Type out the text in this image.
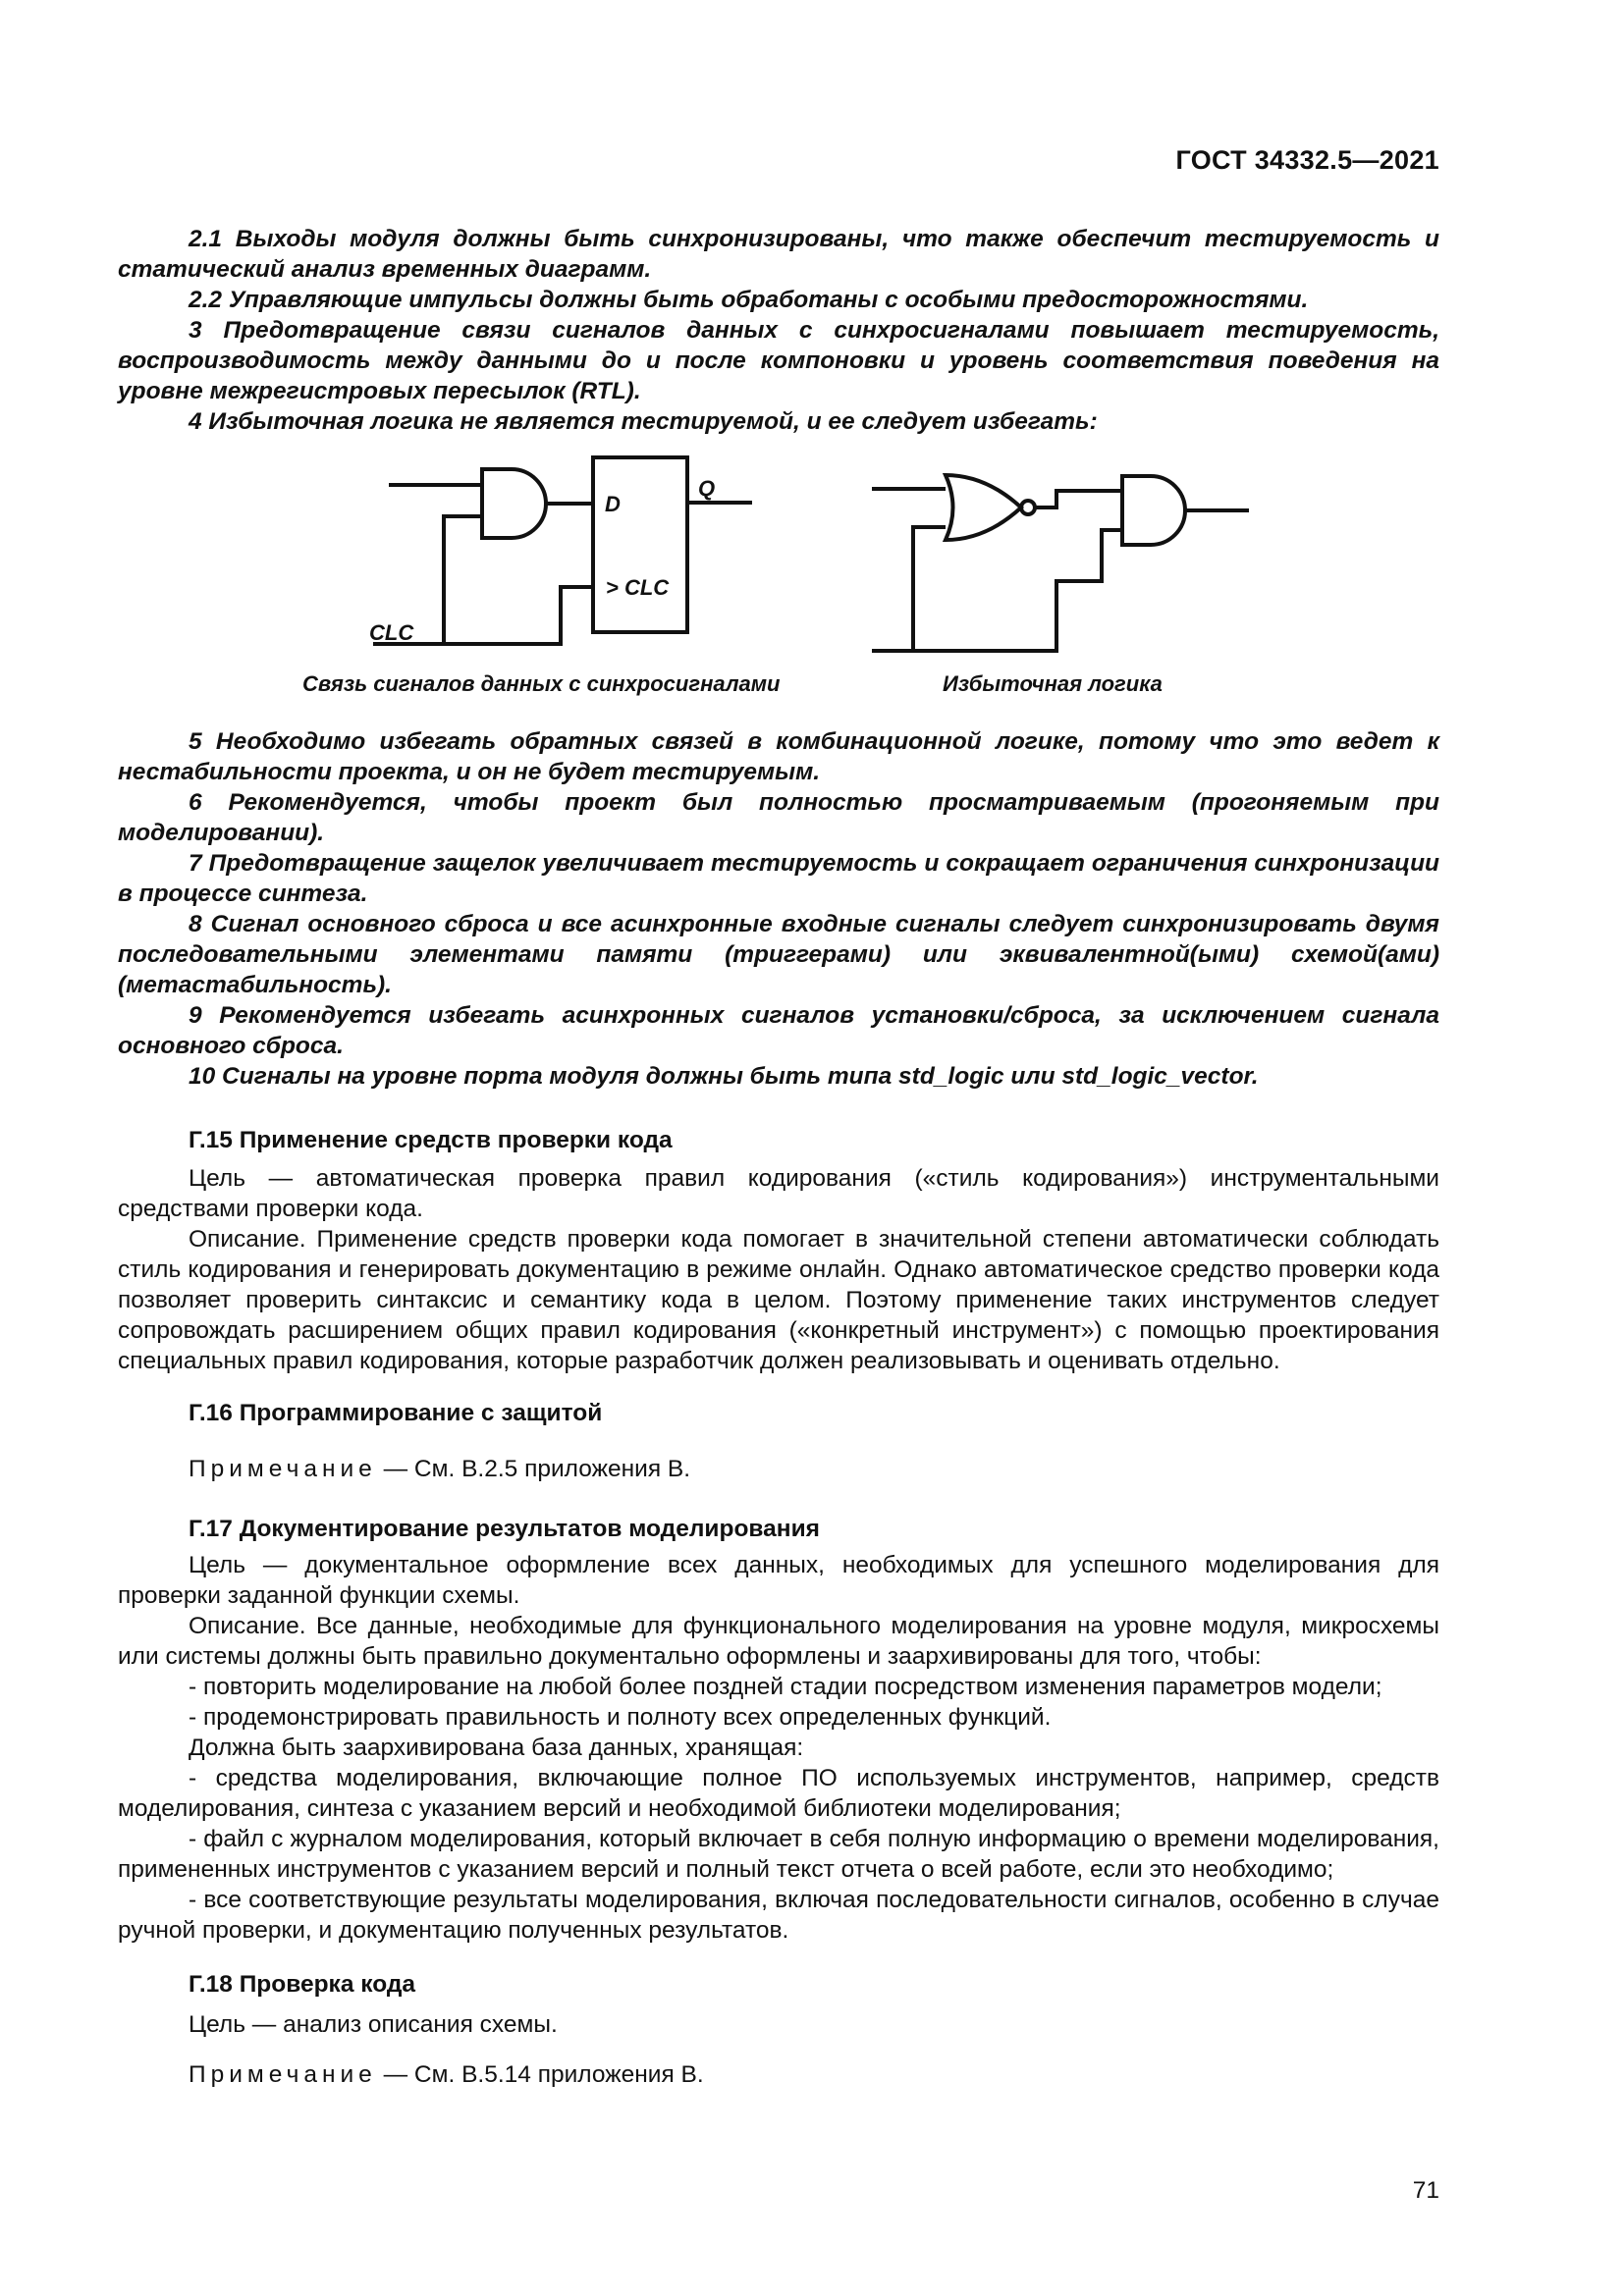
ГОСТ 34332.5—2021

2.1 Выходы модуля должны быть синхронизированы, что также обеспечит тестируемость и статический анализ временных диаграмм.

2.2 Управляющие импульсы должны быть обработаны с особыми предосторожностями.

3 Предотвращение связи сигналов данных с синхросигналами повышает тестируемость, воспроизводимость между данными до и после компоновки и уровень соответствия поведения на уровне межрегистровых пересылок (RTL).

4 Избыточная логика не является тестируемой, и ее следует избегать:

D
Q
> CLC
CLC
Связь сигналов данных с синхросигналами	Избыточная логика

5 Необходимо избегать обратных связей в комбинационной логике, потому что это ведет к нестабильности проекта, и он не будет тестируемым.

6 Рекомендуется, чтобы проект был полностью просматриваемым (прогоняемым при моделировании).

7 Предотвращение защелок увеличивает тестируемость и сокращает ограничения синхронизации в процессе синтеза.

8 Сигнал основного сброса и все асинхронные входные сигналы следует синхронизировать двумя последовательными элементами памяти (триггерами) или эквивалентной(ыми) схемой(ами) (метастабильность).

9 Рекомендуется избегать асинхронных сигналов установки/сброса, за исключением сигнала основного сброса.

10 Сигналы на уровне порта модуля должны быть типа std_logic или std_logic_vector.

Г.15 Применение средств проверки кода

Цель — автоматическая проверка правил кодирования («стиль кодирования») инструментальными средствами проверки кода.

Описание. Применение средств проверки кода помогает в значительной степени автоматически соблюдать стиль кодирования и генерировать документацию в режиме онлайн. Однако автоматическое средство проверки кода позволяет проверить синтаксис и семантику кода в целом. Поэтому применение таких инструментов следует сопровождать расширением общих правил кодирования («конкретный инструмент») с помощью проектирования специальных правил кодирования, которые разработчик должен реализовывать и оценивать отдельно.

Г.16 Программирование с защитой

Примечание — См. В.2.5 приложения В.

Г.17 Документирование результатов моделирования

Цель — документальное оформление всех данных, необходимых для успешного моделирования для проверки заданной функции схемы.

Описание. Все данные, необходимые для функционального моделирования на уровне модуля, микросхемы или системы должны быть правильно документально оформлены и заархивированы для того, чтобы:

- повторить моделирование на любой более поздней стадии посредством изменения параметров модели;

- продемонстрировать правильность и полноту всех определенных функций.

Должна быть заархивирована база данных, хранящая:

- средства моделирования, включающие полное ПО используемых инструментов, например, средств моделирования, синтеза с указанием версий и необходимой библиотеки моделирования;

- файл с журналом моделирования, который включает в себя полную информацию о времени моделирования, примененных инструментов с указанием версий и полный текст отчета о всей работе, если это необходимо;

- все соответствующие результаты моделирования, включая последовательности сигналов, особенно в случае ручной проверки, и документацию полученных результатов.

Г.18 Проверка кода

Цель — анализ описания схемы.

Примечание — См. В.5.14 приложения В.

71
